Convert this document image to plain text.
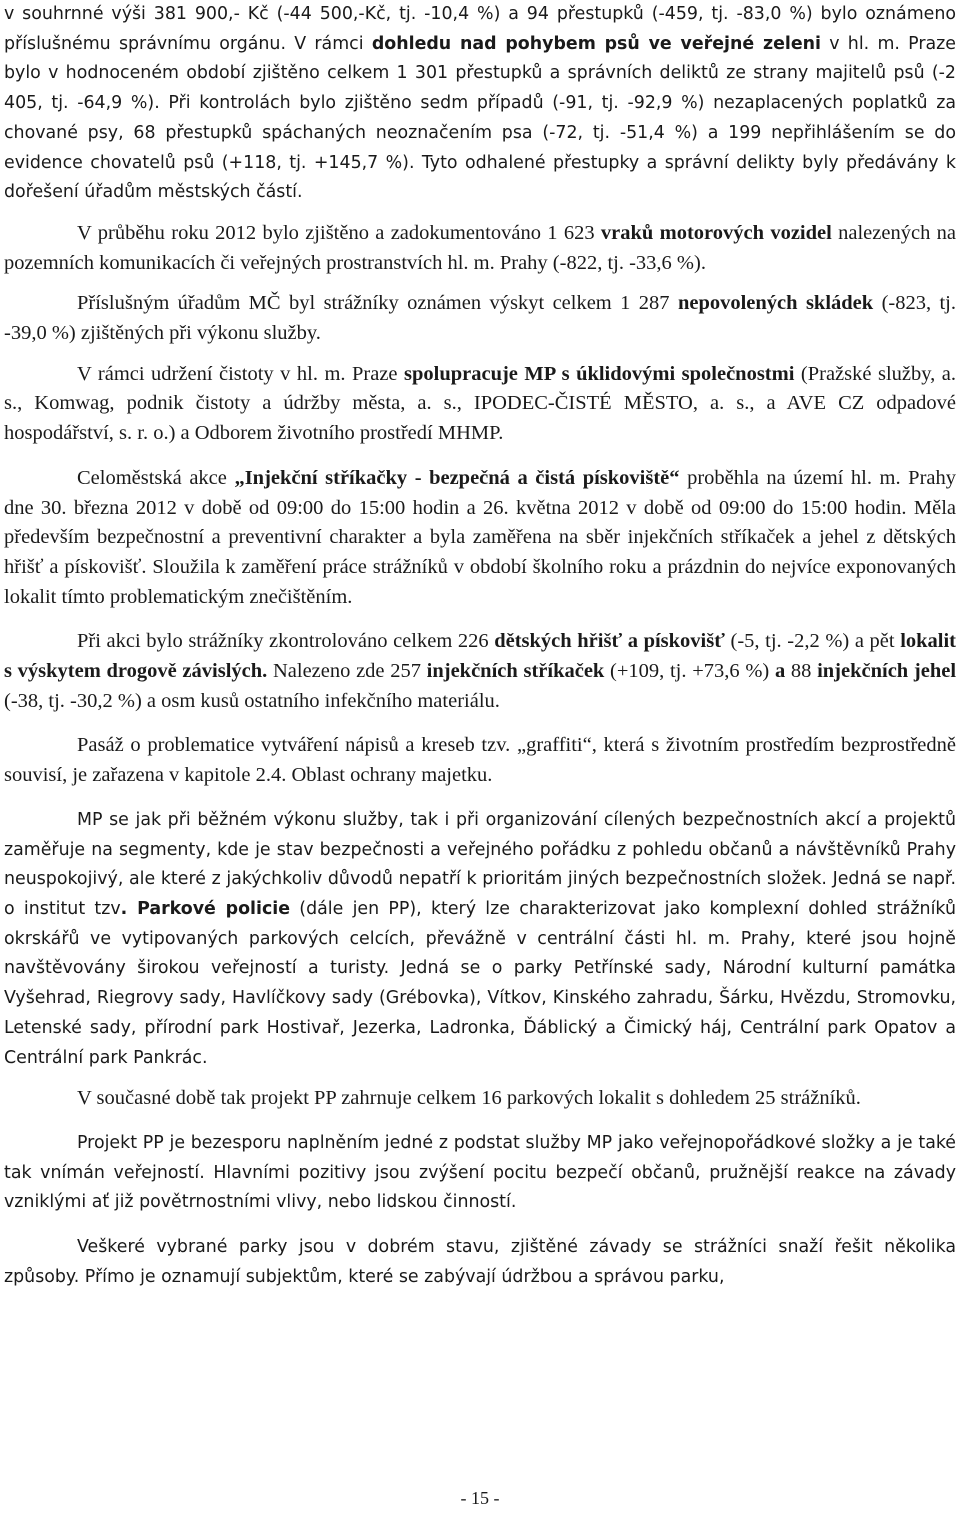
v souhrnné výši 381 900,- Kč (-44 500,-Kč, tj. -10,4 %) a 94 přestupků (-459, tj. -83,0 %) bylo oznámeno příslušnému správnímu orgánu. V rámci dohledu nad pohybem psů ve veřejné zeleni v hl. m. Praze bylo v hodnoceném období zjištěno celkem 1 301 přestupků a správních deliktů ze strany majitelů psů (-2 405, tj. -64,9 %). Při kontrolách bylo zjištěno sedm případů (-91, tj. -92,9 %) nezaplacených poplatků za chované psy, 68 přestupků spáchaných neoznačením psa (-72, tj. -51,4 %) a 199 nepřihlášením se do evidence chovatelů psů (+118, tj. +145,7 %). Tyto odhalené přestupky a správní delikty byly předávány k dořešení úřadům městských částí.

V průběhu roku 2012 bylo zjištěno a zadokumentováno 1 623 vraků motorových vozidel nalezených na pozemních komunikacích či veřejných prostranstvích hl. m. Prahy (-822, tj. -33,6 %).

Příslušným úřadům MČ byl strážníky oznámen výskyt celkem 1 287 nepovolených skládek (-823, tj. -39,0 %) zjištěných při výkonu služby.

V rámci udržení čistoty v hl. m. Praze spolupracuje MP s úklidovými společnostmi (Pražské služby, a. s., Komwag, podnik čistoty a údržby města, a. s., IPODEC-ČISTÉ MĚSTO, a. s., a AVE CZ odpadové hospodářství, s. r. o.) a Odborem životního prostředí MHMP.

Celoměstská akce „Injekční stříkačky - bezpečná a čistá pískoviště“ proběhla na území hl. m. Prahy dne 30. března 2012 v době od 09:00 do 15:00 hodin a 26. května 2012 v době od 09:00 do 15:00 hodin. Měla především bezpečnostní a preventivní charakter a byla zaměřena na sběr injekčních stříkaček a jehel z dětských hřišť a pískovišť. Sloužila k zaměření práce strážníků v období školního roku a prázdnin do nejvíce exponovaných lokalit tímto problematickým znečištěním.

Při akci bylo strážníky zkontrolováno celkem 226 dětských hřišť a pískovišť (-5, tj. -2,2 %) a pět lokalit s výskytem drogově závislých. Nalezeno zde 257 injekčních stříkaček (+109, tj. +73,6 %) a 88 injekčních jehel (-38, tj. -30,2 %) a osm kusů ostatního infekčního materiálu.

Pasáž o problematice vytváření nápisů a kreseb tzv. „graffiti“, která s životním prostředím bezprostředně souvisí, je zařazena v kapitole 2.4. Oblast ochrany majetku.

MP se jak při běžném výkonu služby, tak i při organizování cílených bezpečnostních akcí a projektů zaměřuje na segmenty, kde je stav bezpečnosti a veřejného pořádku z pohledu občanů a návštěvníků Prahy neuspokojivý, ale které z jakýchkoliv důvodů nepatří k prioritám jiných bezpečnostních složek. Jedná se např. o institut tzv. Parkové policie (dále jen PP), který lze charakterizovat jako komplexní dohled strážníků okrskářů ve vytipovaných parkových celcích, převážně v centrální části hl. m. Prahy, které jsou hojně navštěvovány širokou veřejností a turisty. Jedná se o parky Petřínské sady, Národní kulturní památka Vyšehrad, Riegrovy sady, Havlíčkovy sady (Grébovka), Vítkov, Kinského zahradu, Šárku, Hvězdu, Stromovku, Letenské sady, přírodní park Hostivař, Jezerka, Ladronka, Ďáblický a Čimický háj, Centrální park Opatov a Centrální park Pankrác.

V současné době tak projekt PP zahrnuje celkem 16 parkových lokalit s dohledem 25 strážníků.

Projekt PP je bezesporu naplněním jedné z podstat služby MP jako veřejnopořádkové složky a je také tak vnímán veřejností. Hlavními pozitivy jsou zvýšení pocitu bezpečí občanů, pružnější reakce na závady vzniklými ať již povětrnostními vlivy, nebo lidskou činností.

Veškeré vybrané parky jsou v dobrém stavu, zjištěné závady se strážníci snaží řešit několika způsoby. Přímo je oznamují subjektům, které se zabývají údržbou a správou parku,

- 15 -
